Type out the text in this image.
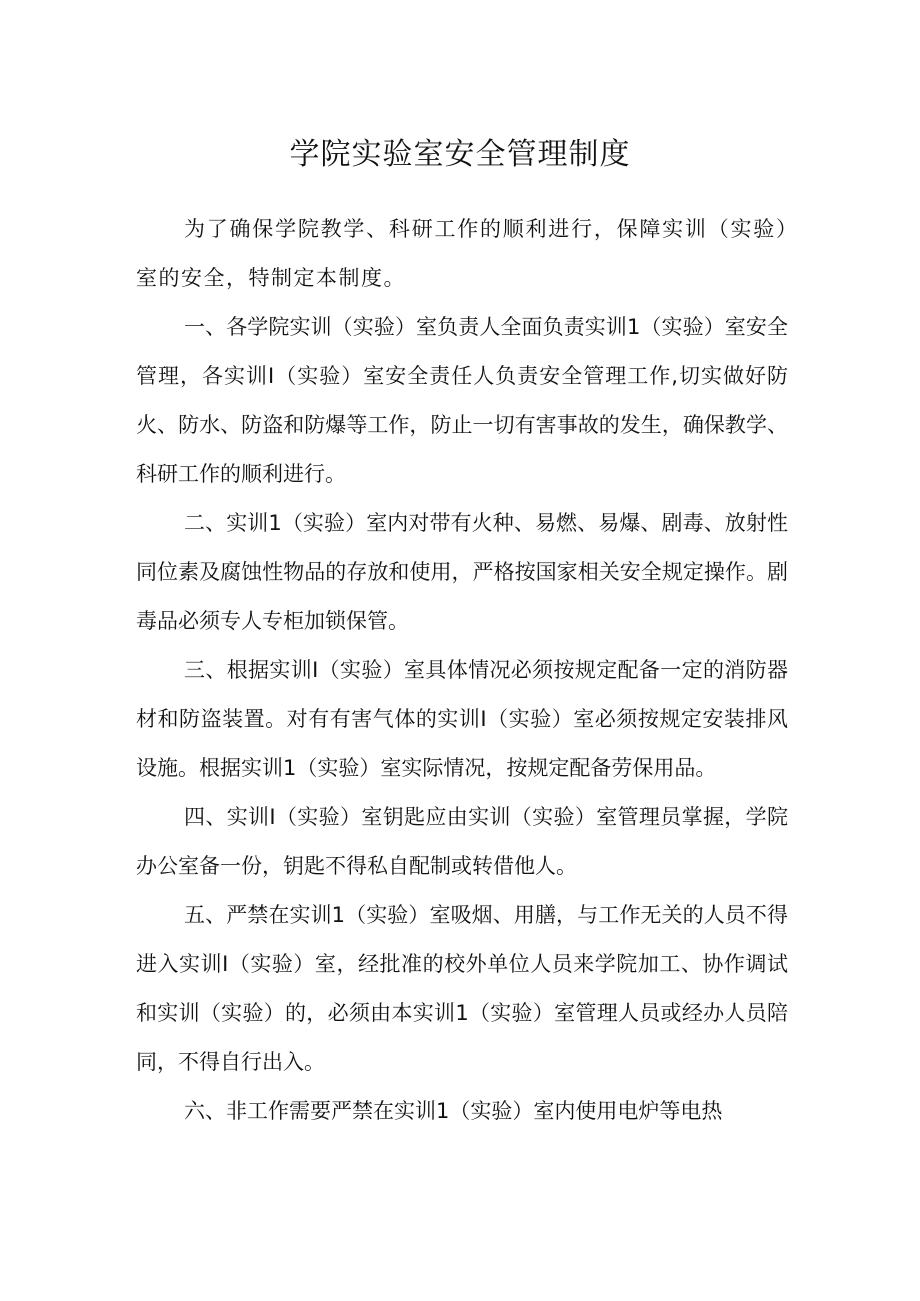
学院实验室安全管理制度

为了确保学院教学、科研工作的顺利进行，保障实训（实验）室的安全，特制定本制度。

一、各学院实训（实验）室负责人全面负责实训1（实验）室安全管理，各实训I（实验）室安全责任人负责安全管理工作,切实做好防火、防水、防盗和防爆等工作，防止一切有害事故的发生，确保教学、科研工作的顺利进行。

二、实训1（实验）室内对带有火种、易燃、易爆、剧毒、放射性同位素及腐蚀性物品的存放和使用，严格按国家相关安全规定操作。剧毒品必须专人专柜加锁保管。

三、根据实训I（实验）室具体情况必须按规定配备一定的消防器材和防盗装置。对有有害气体的实训I（实验）室必须按规定安装排风设施。根据实训1（实验）室实际情况，按规定配备劳保用品。

四、实训I（实验）室钥匙应由实训（实验）室管理员掌握，学院办公室备一份，钥匙不得私自配制或转借他人。

五、严禁在实训1（实验）室吸烟、用膳，与工作无关的人员不得进入实训I（实验）室，经批准的校外单位人员来学院加工、协作调试和实训（实验）的，必须由本实训1（实验）室管理人员或经办人员陪同，不得自行出入。

六、非工作需要严禁在实训1（实验）室内使用电炉等电热
